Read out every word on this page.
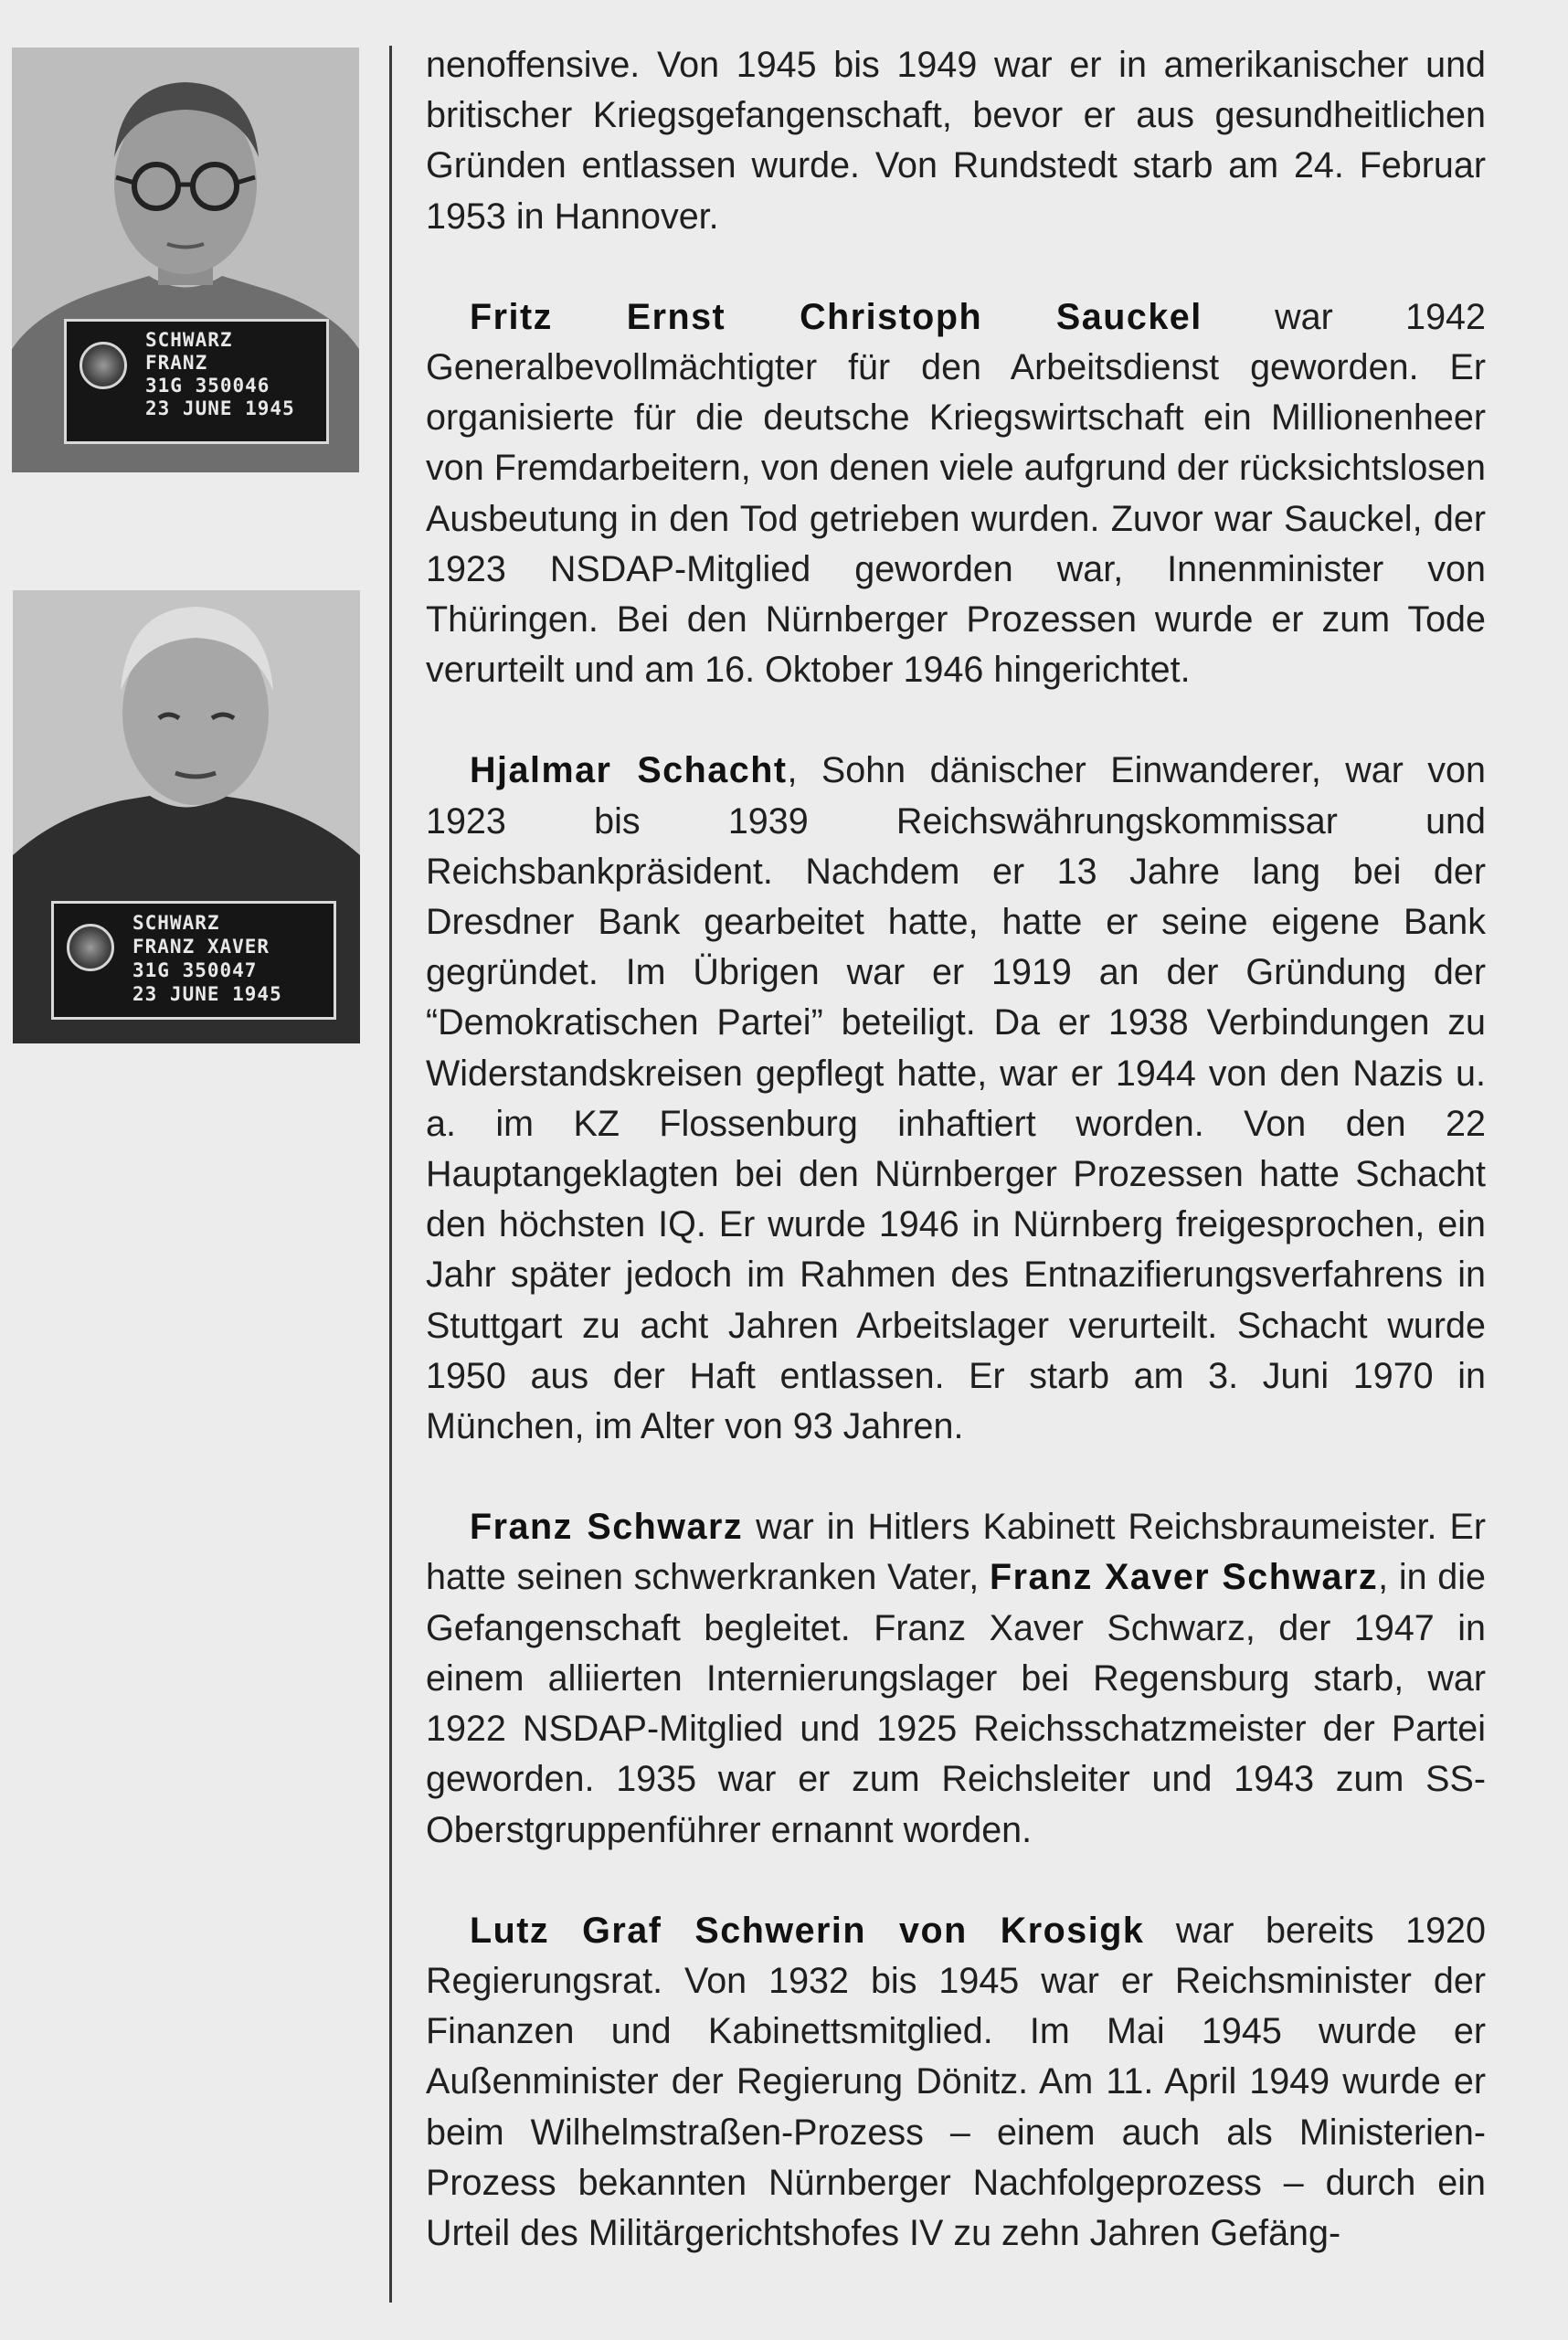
SCHWARZ
FRANZ
31G 350046
23 JUNE 1945
SCHWARZ
FRANZ XAVER
31G 350047
23 JUNE 1945

nenoffensive. Von 1945 bis 1949 war er in amerikanischer und britischer Kriegsgefangenschaft, bevor er aus gesundheitlichen Gründen entlassen wurde. Von Rundstedt starb am 24. Februar 1953 in Hannover.

Fritz Ernst Christoph Sauckel war 1942 Generalbevollmächtigter für den Arbeitsdienst geworden. Er organisierte für die deutsche Kriegswirtschaft ein Millionenheer von Fremdarbeitern, von denen viele aufgrund der rücksichtslosen Ausbeutung in den Tod getrieben wurden. Zuvor war Sauckel, der 1923 NSDAP-Mitglied geworden war, Innenminister von Thüringen. Bei den Nürnberger Prozessen wurde er zum Tode verurteilt und am 16. Oktober 1946 hingerichtet.

Hjalmar Schacht, Sohn dänischer Einwanderer, war von 1923 bis 1939 Reichswährungskommissar und Reichsbankpräsident. Nachdem er 13 Jahre lang bei der Dresdner Bank gearbeitet hatte, hatte er seine eigene Bank gegründet. Im Übrigen war er 1919 an der Gründung der “Demokratischen Partei” beteiligt. Da er 1938 Verbindungen zu Widerstandskreisen gepflegt hatte, war er 1944 von den Nazis u. a. im KZ Flossenburg inhaftiert worden. Von den 22 Hauptangeklagten bei den Nürnberger Prozessen hatte Schacht den höchsten IQ. Er wurde 1946 in Nürnberg freigesprochen, ein Jahr später jedoch im Rahmen des Entnazifierungsverfahrens in Stuttgart zu acht Jahren Arbeitslager verurteilt. Schacht wurde 1950 aus der Haft entlassen. Er starb am 3. Juni 1970 in München, im Alter von 93 Jahren.

Franz Schwarz war in Hitlers Kabinett Reichsbraumeister. Er hatte seinen schwerkranken Vater, Franz Xaver Schwarz, in die Gefangenschaft begleitet. Franz Xaver Schwarz, der 1947 in einem alliierten Internierungslager bei Regensburg starb, war 1922 NSDAP-Mitglied und 1925 Reichsschatzmeister der Partei geworden. 1935 war er zum Reichsleiter und 1943 zum SS-Oberstgruppenführer ernannt worden.

Lutz Graf Schwerin von Krosigk war bereits 1920 Regierungsrat. Von 1932 bis 1945 war er Reichsminister der Finanzen und Kabinettsmitglied. Im Mai 1945 wurde er Außenminister der Regierung Dönitz. Am 11. April 1949 wurde er beim Wilhelmstraßen-Prozess – einem auch als Ministerien-Prozess bekannten Nürnberger Nachfolgeprozess – durch ein Urteil des Militärgerichtshofes IV zu zehn Jahren Gefäng-
